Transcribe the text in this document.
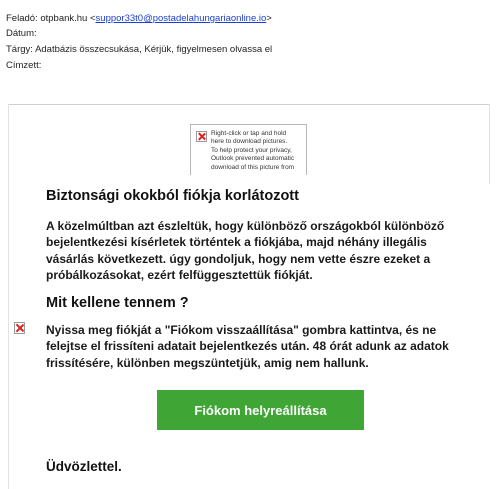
Feladó: otpbank.hu <suppor33t0@postadelahungariaonline.io>
Dátum:
Tárgy: Adatbázis összecsukása, Kérjük, figyelmesen olvassa el
Címzett:
Right-click or tap and hold
here to download pictures.
To help protect your privacy,
Outlook prevented automatic
download of this picture from
Biztonsági okokból fiókja korlátozott
A közelmúltban azt észleltük, hogy különböző országokból különböző bejelentkezési kísérletek történtek a fiókjába, majd néhány illegális vásárlás következett. úgy gondoljuk, hogy nem vette észre ezeket a próbálkozásokat, ezért felfüggesztettük fiókját.
Mit kellene tennem ?
Nyissa meg fiókját a "Fiókom visszaállítása" gombra kattintva, és ne felejtse el frissíteni adatait bejelentkezés után. 48 órát adunk az adatok frissítésére, különben megszüntetjük, amig nem hallunk.
Fiókom helyreállítása
Üdvözlettel.
